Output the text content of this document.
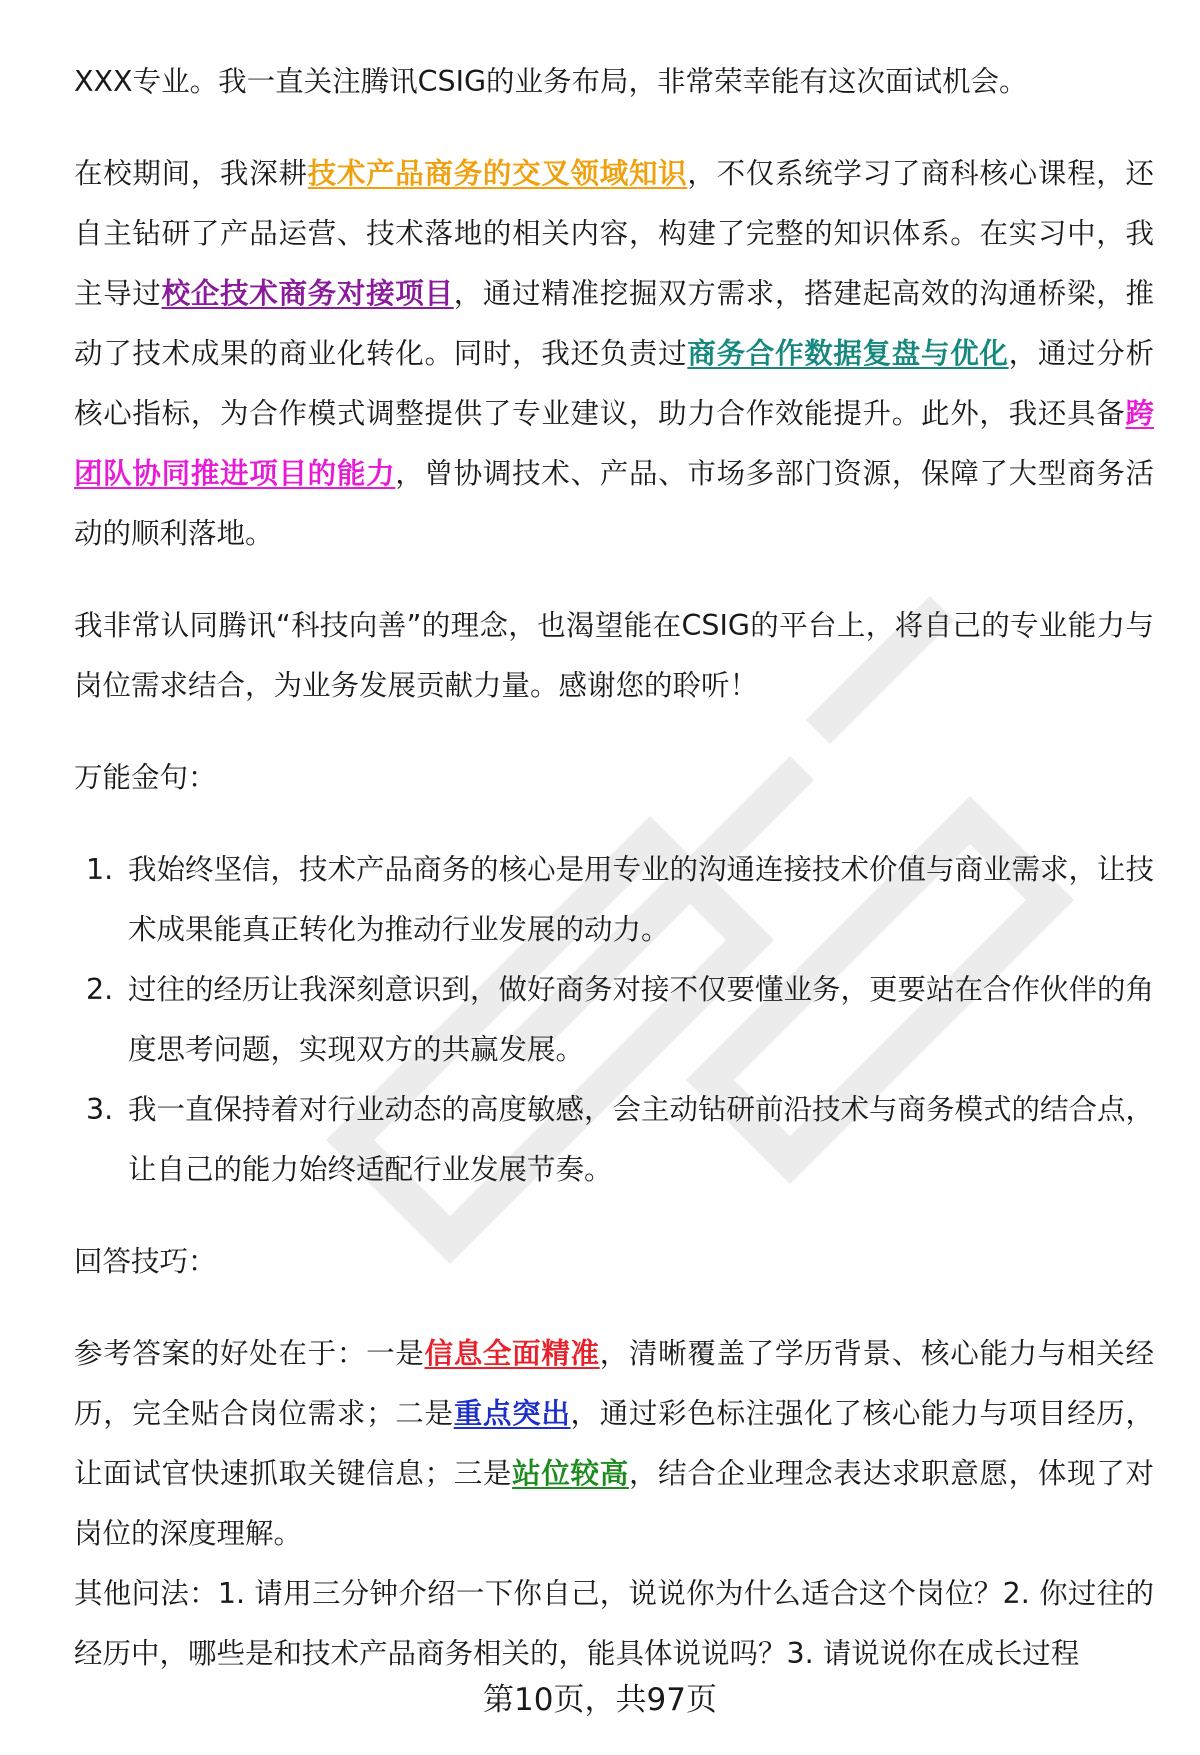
XXX专业。我一直关注腾讯CSIG的业务布局，非常荣幸能有这次面试机会。

在校期间，我深耕技术产品商务的交叉领域知识，不仅系统学习了商科核心课程，还自主钻研了产品运营、技术落地的相关内容，构建了完整的知识体系。在实习中，我主导过校企技术商务对接项目，通过精准挖掘双方需求，搭建起高效的沟通桥梁，推动了技术成果的商业化转化。同时，我还负责过商务合作数据复盘与优化，通过分析核心指标，为合作模式调整提供了专业建议，助力合作效能提升。此外，我还具备跨团队协同推进项目的能力，曾协调技术、产品、市场多部门资源，保障了大型商务活动的顺利落地。

我非常认同腾讯“科技向善”的理念，也渴望能在CSIG的平台上，将自己的专业能力与岗位需求结合，为业务发展贡献力量。感谢您的聆听！

万能金句：

1. 我始终坚信，技术产品商务的核心是用专业的沟通连接技术价值与商业需求，让技术成果能真正转化为推动行业发展的动力。
2. 过往的经历让我深刻意识到，做好商务对接不仅要懂业务，更要站在合作伙伴的角度思考问题，实现双方的共赢发展。
3. 我一直保持着对行业动态的高度敏感，会主动钻研前沿技术与商务模式的结合点，让自己的能力始终适配行业发展节奏。

回答技巧：

参考答案的好处在于：一是信息全面精准，清晰覆盖了学历背景、核心能力与相关经历，完全贴合岗位需求；二是重点突出，通过彩色标注强化了核心能力与项目经历，让面试官快速抓取关键信息；三是站位较高，结合企业理念表达求职意愿，体现了对岗位的深度理解。

其他问法：1. 请用三分钟介绍一下你自己，说说你为什么适合这个岗位？2. 你过往的经历中，哪些是和技术产品商务相关的，能具体说说吗？3. 请说说你在成长过程

第10页，共97页
